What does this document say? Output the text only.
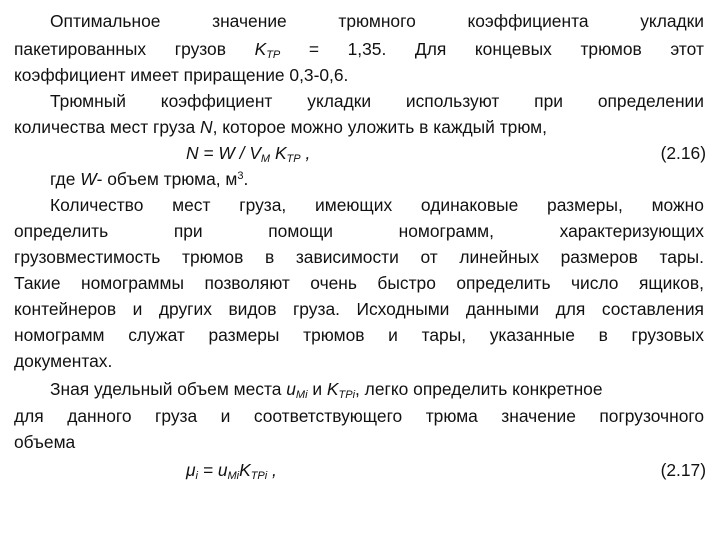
Оптимальное	значение	трюмного	коэффициента	укладки
пакетированных грузов $K_{ТР} = 1,35$. Для концевых трюмов этот
коэффициент имеет приращение 0,3-0,6.
Трюмный коэффициент укладки используют при определении
количества мест груза N, которое можно уложить в каждый трюм,
$N = W / V_M$ $K_{ТР}$ ,	(2.16)
где W- объем трюма, $м^3$.
Количество мест груза, имеющих одинаковые размеры, можно
определить	при	помощи	номограмм,	характеризующих
грузовместимость трюмов в зависимости от линейных размеров тары.
Такие номограммы позволяют очень быстро определить число ящиков,
контейнеров и других видов груза. Исходными данными для составления
номограмм служат размеры трюмов и тары, указанные в грузовых
документах.
Зная удельный объем места $u_{Mi}$ и $K_{TPi}$, легко определить конкретное
для данного груза и соответствующего трюма значение погрузочного
объема
$\mu_i = u_{Mi}K_{TPi}$ ,	(2.17)
